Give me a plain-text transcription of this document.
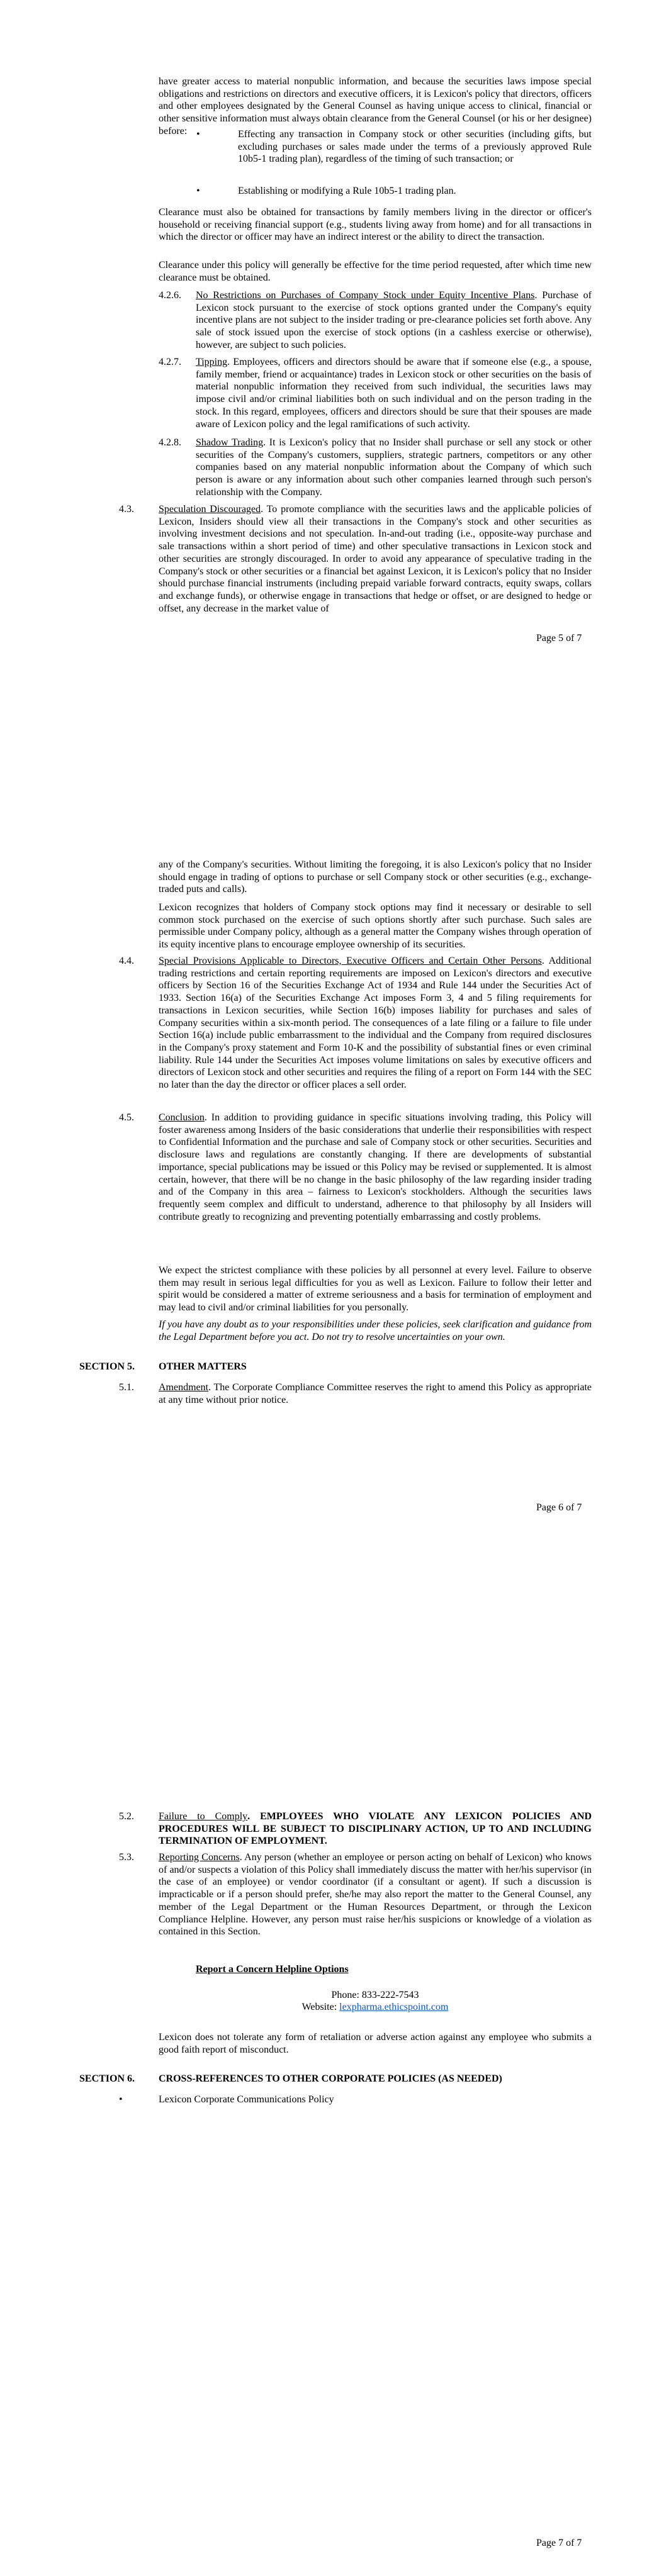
have greater access to material nonpublic information, and because the securities laws impose special obligations and restrictions on directors and executive officers, it is Lexicon's policy that directors, officers and other employees designated by the General Counsel as having unique access to clinical, financial or other sensitive information must always obtain clearance from the General Counsel (or his or her designee) before: •	Effecting any transaction in Company stock or other securities (including gifts, but excluding purchases or sales made under the terms of a previously approved Rule 10b5-1 trading plan), regardless of the timing of such transaction; or

•	Establishing or modifying a Rule 10b5-1 trading plan.

Clearance must also be obtained for transactions by family members living in the director or officer's household or receiving financial support (e.g., students living away from home) and for all transactions in which the director or officer may have an indirect interest or the ability to direct the transaction.

Clearance under this policy will generally be effective for the time period requested, after which time new clearance must be obtained.

4.2.6. No Restrictions on Purchases of Company Stock under Equity Incentive Plans. Purchase of Lexicon stock pursuant to the exercise of stock options granted under the Company's equity incentive plans are not subject to the insider trading or pre-clearance policies set forth above. Any sale of stock issued upon the exercise of stock options (in a cashless exercise or otherwise), however, are subject to such policies.

4.2.7. Tipping. Employees, officers and directors should be aware that if someone else (e.g., a spouse, family member, friend or acquaintance) trades in Lexicon stock or other securities on the basis of material nonpublic information they received from such individual, the securities laws may impose civil and/or criminal liabilities both on such individual and on the person trading in the stock. In this regard, employees, officers and directors should be sure that their spouses are made aware of Lexicon policy and the legal ramifications of such activity.

4.2.8. Shadow Trading. It is Lexicon's policy that no Insider shall purchase or sell any stock or other securities of the Company's customers, suppliers, strategic partners, competitors or any other companies based on any material nonpublic information about the Company of which such person is aware or any information about such other companies learned through such person's relationship with the Company.

4.3. Speculation Discouraged. To promote compliance with the securities laws and the applicable policies of Lexicon, Insiders should view all their transactions in the Company's stock and other securities as involving investment decisions and not speculation. In-and-out trading (i.e., opposite-way purchase and sale transactions within a short period of time) and other speculative transactions in Lexicon stock and other securities are strongly discouraged. In order to avoid any appearance of speculative trading in the Company's stock or other securities or a financial bet against Lexicon, it is Lexicon's policy that no Insider should purchase financial instruments (including prepaid variable forward contracts, equity swaps, collars and exchange funds), or otherwise engage in transactions that hedge or offset, or are designed to hedge or offset, any decrease in the market value of

Page 5 of 7

any of the Company's securities. Without limiting the foregoing, it is also Lexicon's policy that no Insider should engage in trading of options to purchase or sell Company stock or other securities (e.g., exchange-traded puts and calls).

Lexicon recognizes that holders of Company stock options may find it necessary or desirable to sell common stock purchased on the exercise of such options shortly after such purchase. Such sales are permissible under Company policy, although as a general matter the Company wishes through operation of its equity incentive plans to encourage employee ownership of its securities.

4.4. Special Provisions Applicable to Directors, Executive Officers and Certain Other Persons. Additional trading restrictions and certain reporting requirements are imposed on Lexicon's directors and executive officers by Section 16 of the Securities Exchange Act of 1934 and Rule 144 under the Securities Act of 1933. Section 16(a) of the Securities Exchange Act imposes Form 3, 4 and 5 filing requirements for transactions in Lexicon securities, while Section 16(b) imposes liability for purchases and sales of Company securities within a six-month period. The consequences of a late filing or a failure to file under Section 16(a) include public embarrassment to the individual and the Company from required disclosures in the Company's proxy statement and Form 10-K and the possibility of substantial fines or even criminal liability. Rule 144 under the Securities Act imposes volume limitations on sales by executive officers and directors of Lexicon stock and other securities and requires the filing of a report on Form 144 with the SEC no later than the day the director or officer places a sell order.

4.5. Conclusion. In addition to providing guidance in specific situations involving trading, this Policy will foster awareness among Insiders of the basic considerations that underlie their responsibilities with respect to Confidential Information and the purchase and sale of Company stock or other securities. Securities and disclosure laws and regulations are constantly changing. If there are developments of substantial importance, special publications may be issued or this Policy may be revised or supplemented. It is almost certain, however, that there will be no change in the basic philosophy of the law regarding insider trading and of the Company in this area – fairness to Lexicon's stockholders. Although the securities laws frequently seem complex and difficult to understand, adherence to that philosophy by all Insiders will contribute greatly to recognizing and preventing potentially embarrassing and costly problems.

We expect the strictest compliance with these policies by all personnel at every level. Failure to observe them may result in serious legal difficulties for you as well as Lexicon. Failure to follow their letter and spirit would be considered a matter of extreme seriousness and a basis for termination of employment and may lead to civil and/or criminal liabilities for you personally.

If you have any doubt as to your responsibilities under these policies, seek clarification and guidance from the Legal Department before you act. Do not try to resolve uncertainties on your own.

SECTION 5. OTHER MATTERS
5.1. Amendment. The Corporate Compliance Committee reserves the right to amend this Policy as appropriate at any time without prior notice.

Page 6 of 7
5.2. Failure to Comply. EMPLOYEES WHO VIOLATE ANY LEXICON POLICIES AND PROCEDURES WILL BE SUBJECT TO DISCIPLINARY ACTION, UP TO AND INCLUDING TERMINATION OF EMPLOYMENT.

5.3. Reporting Concerns. Any person (whether an employee or person acting on behalf of Lexicon) who knows of and/or suspects a violation of this Policy shall immediately discuss the matter with her/his supervisor (in the case of an employee) or vendor coordinator (if a consultant or agent). If such a discussion is impracticable or if a person should prefer, she/he may also report the matter to the General Counsel, any member of the Legal Department or the Human Resources Department, or through the Lexicon Compliance Helpline. However, any person must raise her/his suspicions or knowledge of a violation as contained in this Section.

Report a Concern Helpline Options

Phone: 833-222-7543

Website: lexpharma.ethicspoint.com

Lexicon does not tolerate any form of retaliation or adverse action against any employee who submits a good faith report of misconduct.

SECTION 6. CROSS-REFERENCES TO OTHER CORPORATE POLICIES (AS NEEDED)
•	Lexicon Corporate Communications Policy

Page 7 of 7
